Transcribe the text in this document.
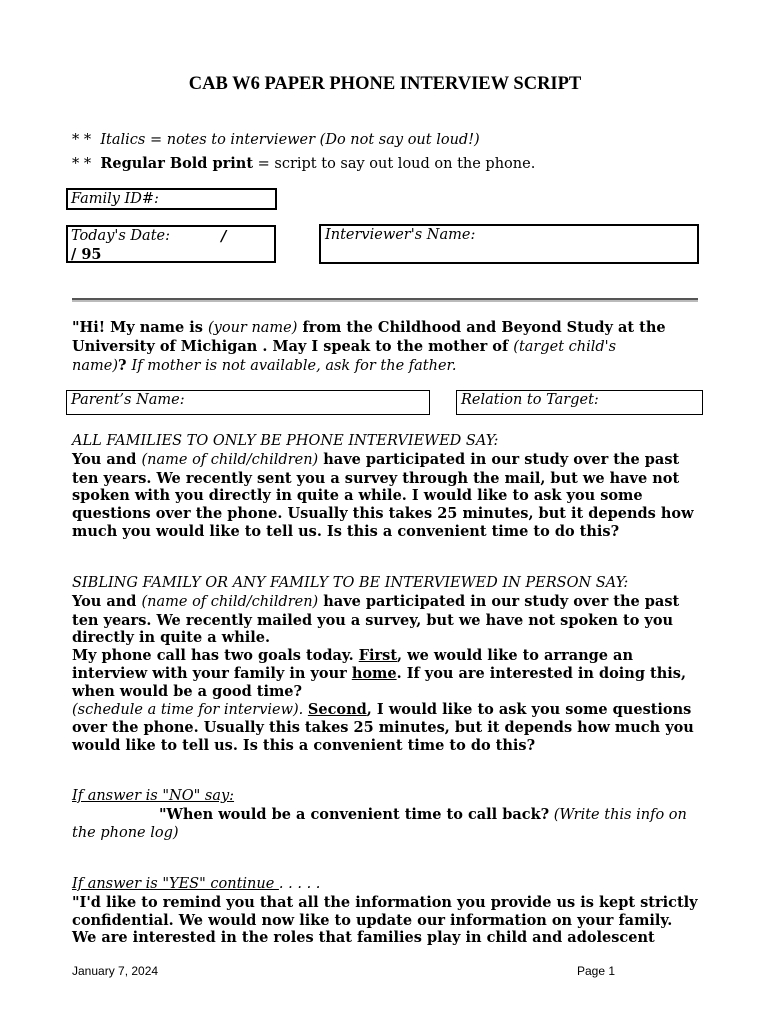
CAB W6 PAPER PHONE INTERVIEW SCRIPT
* * Italics = notes to interviewer (Do not say out loud!)
* * Regular Bold print = script to say out loud on the phone.
Family ID#:
Today's Date:	/
/ 95
Interviewer's Name:

"Hi! My name is (your name) from the Childhood and Beyond Study at the

University of Michigan . May I speak to the mother of (target child's

name)? If mother is not available, ask for the father.

Parent’s Name:	Relation to Target:

ALL FAMILIES TO ONLY BE PHONE INTERVIEWED SAY:

You and (name of child/children) have participated in our study over the past

ten years. We recently sent you a survey through the mail, but we have not

spoken with you directly in quite a while. I would like to ask you some

questions over the phone. Usually this takes 25 minutes, but it depends how

much you would like to tell us. Is this a convenient time to do this?

SIBLING FAMILY OR ANY FAMILY TO BE INTERVIEWED IN PERSON SAY:

You and (name of child/children) have participated in our study over the past

ten years. We recently mailed you a survey, but we have not spoken to you

directly in quite a while.

My phone call has two goals today. First, we would like to arrange an

interview with your family in your home. If you are interested in doing this,

when would be a good time?

(schedule a time for interview). Second, I would like to ask you some questions

over the phone. Usually this takes 25 minutes, but it depends how much you

would like to tell us. Is this a convenient time to do this?

If answer is "NO" say:

"When would be a convenient time to call back? (Write this info on

the phone log)

If answer is "YES" continue . . . . .

"I'd like to remind you that all the information you provide us is kept strictly

confidential. We would now like to update our information on your family.

We are interested in the roles that families play in child and adolescent

January 7, 2024	Page 1
